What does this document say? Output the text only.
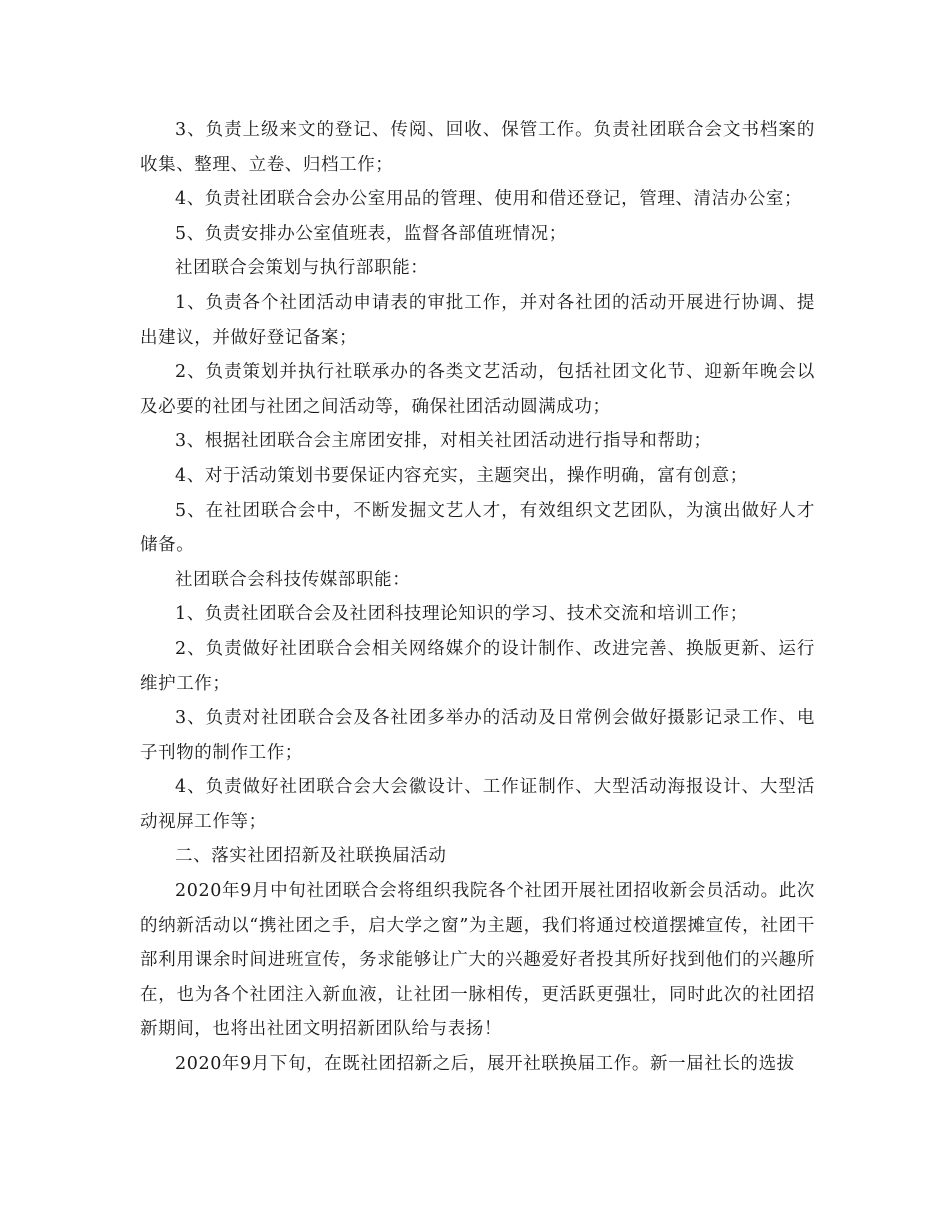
3、负责上级来文的登记、传阅、回收、保管工作。负责社团联合会文书档案的收集、整理、立卷、归档工作；

4、负责社团联合会办公室用品的管理、使用和借还登记，管理、清洁办公室；

5、负责安排办公室值班表，监督各部值班情况；

社团联合会策划与执行部职能：

1、负责各个社团活动申请表的审批工作，并对各社团的活动开展进行协调、提出建议，并做好登记备案；

2、负责策划并执行社联承办的各类文艺活动，包括社团文化节、迎新年晚会以及必要的社团与社团之间活动等，确保社团活动圆满成功；

3、根据社团联合会主席团安排，对相关社团活动进行指导和帮助；

4、对于活动策划书要保证内容充实，主题突出，操作明确，富有创意；

5、在社团联合会中，不断发掘文艺人才，有效组织文艺团队，为演出做好人才储备。

社团联合会科技传媒部职能：

1、负责社团联合会及社团科技理论知识的学习、技术交流和培训工作；

2、负责做好社团联合会相关网络媒介的设计制作、改进完善、换版更新、运行维护工作；

3、负责对社团联合会及各社团多举办的活动及日常例会做好摄影记录工作、电子刊物的制作工作；

4、负责做好社团联合会大会徽设计、工作证制作、大型活动海报设计、大型活动视屏工作等；

二、落实社团招新及社联换届活动

2020年9月中旬社团联合会将组织我院各个社团开展社团招收新会员活动。此次的纳新活动以“携社团之手，启大学之窗”为主题，我们将通过校道摆摊宣传，社团干部利用课余时间进班宣传，务求能够让广大的兴趣爱好者投其所好找到他们的兴趣所在，也为各个社团注入新血液，让社团一脉相传，更活跃更强壮，同时此次的社团招新期间，也将出社团文明招新团队给与表扬！

2020年9月下旬，在既社团招新之后，展开社联换届工作。新一届社长的选拔
